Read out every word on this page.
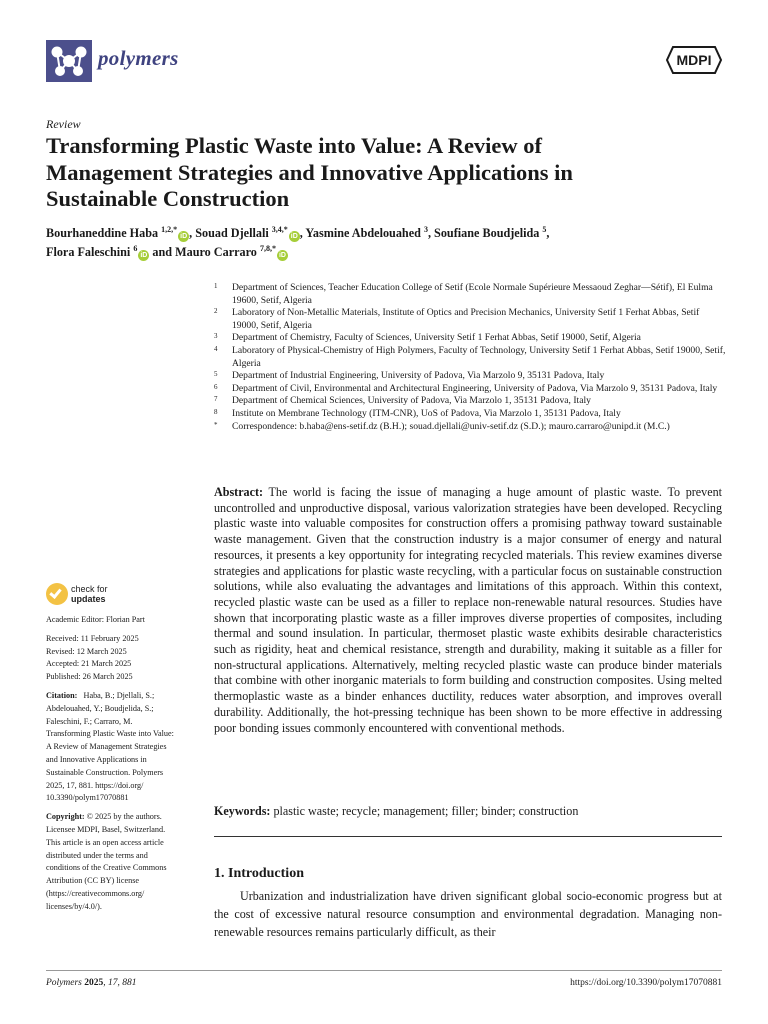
polymers	MDPI
Review
Transforming Plastic Waste into Value: A Review of
Management Strategies and Innovative Applications in
Sustainable Construction
Bourhaneddine Haba $^{1,2,*}$iD , Souad Djellali $^{3,4,*}$iD , Yasmine Abdelouahed $^3$, Soufiane Boudjelida $^5$,
Flora Faleschini $^6$iD and Mauro Carraro $^{7,8,*}$iD
1 Department of Sciences, Teacher Education College of Setif (Ecole Normale Supérieure Messaoud Zeghar—Sétif), El Eulma 19600, Setif, Algeria
2 Laboratory of Non-Metallic Materials, Institute of Optics and Precision Mechanics, University Setif 1 Ferhat Abbas, Setif 19000, Setif, Algeria
3 Department of Chemistry, Faculty of Sciences, University Setif 1 Ferhat Abbas, Setif 19000, Setif, Algeria
4 Laboratory of Physical-Chemistry of High Polymers, Faculty of Technology, University Setif 1 Ferhat Abbas, Setif 19000, Setif, Algeria
5 Department of Industrial Engineering, University of Padova, Via Marzolo 9, 35131 Padova, Italy
6 Department of Civil, Environmental and Architectural Engineering, University of Padova, Via Marzolo 9, 35131 Padova, Italy
7 Department of Chemical Sciences, University of Padova, Via Marzolo 1, 35131 Padova, Italy
8 Institute on Membrane Technology (ITM-CNR), UoS of Padova, Via Marzolo 1, 35131 Padova, Italy
* Correspondence: b.haba@ens-setif.dz (B.H.); souad.djellali@univ-setif.dz (S.D.); mauro.carraro@unipd.it (M.C.)
check for
updates
Academic Editor: Florian Part
Received: 11 February 2025
Revised: 12 March 2025
Accepted: 21 March 2025
Published: 26 March 2025
Citation: Haba, B.; Djellali, S.;
Abdelouahed, Y.; Boudjelida, S.;
Faleschini, F.; Carraro, M.
Transforming Plastic Waste into Value:
A Review of Management Strategies
and Innovative Applications in
Sustainable Construction. Polymers
2025, 17, 881. https://doi.org/
10.3390/polym17070881
Copyright: © 2025 by the authors.
Licensee MDPI, Basel, Switzerland.
This article is an open access article
distributed under the terms and
conditions of the Creative Commons
Attribution (CC BY) license
(https://creativecommons.org/
licenses/by/4.0/).
Abstract: The world is facing the issue of managing a huge amount of plastic waste. To prevent uncontrolled and unproductive disposal, various valorization strategies have been developed. Recycling plastic waste into valuable composites for construction offers a promising pathway toward sustainable waste management. Given that the construction industry is a major consumer of energy and natural resources, it presents a key opportunity for integrating recycled materials. This review examines diverse strategies and applications for plastic waste recycling, with a particular focus on sustainable construction solutions, while also evaluating the advantages and limitations of this approach. Within this context, recycled plastic waste can be used as a filler to replace non-renewable natural resources. Studies have shown that incorporating plastic waste as a filler improves diverse properties of composites, including thermal and sound insulation. In particular, thermoset plastic waste exhibits desirable characteristics such as rigidity, heat and chemical resistance, strength and durability, making it suitable as a filler for non-structural applications. Alternatively, melting recycled plastic waste can produce binder materials that combine with other inorganic materials to form building and construction composites. Using melted thermoplastic waste as a binder enhances ductility, reduces water absorption, and improves overall durability. Additionally, the hot-pressing technique has been shown to be more effective in addressing poor bonding issues commonly encountered with conventional methods.
Keywords: plastic waste; recycle; management; filler; binder; construction
1. Introduction
Urbanization and industrialization have driven significant global socio-economic progress but at the cost of excessive natural resource consumption and environmental degradation. Managing non-renewable resources remains particularly difficult, as their
Polymers 2025, 17, 881	https://doi.org/10.3390/polym17070881
